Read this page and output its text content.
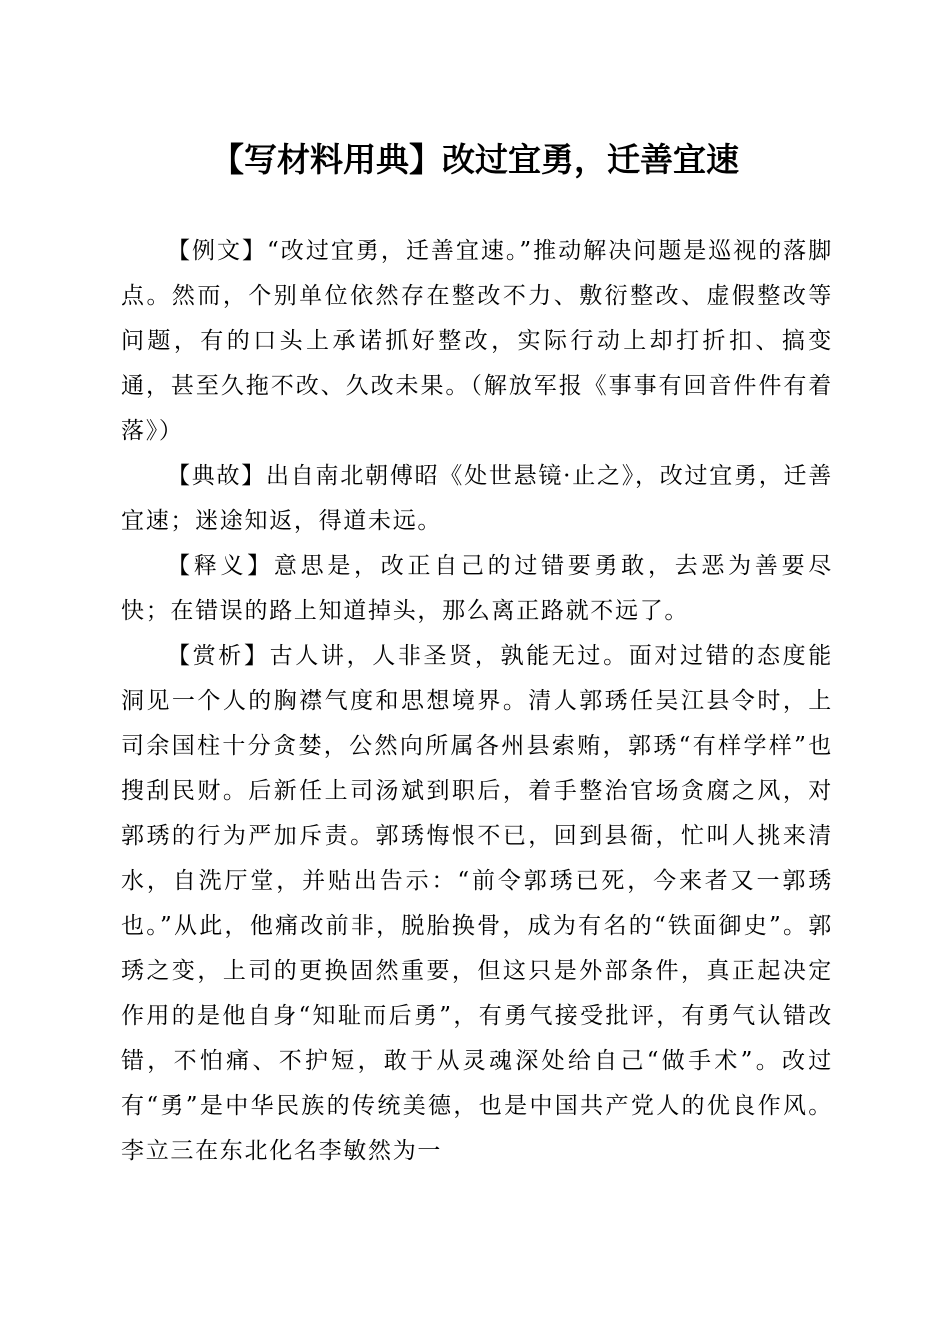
【写材料用典】改过宜勇，迁善宜速

【例文】“改过宜勇，迁善宜速。”推动解决问题是巡视的落脚点。然而，个别单位依然存在整改不力、敷衍整改、虚假整改等问题，有的口头上承诺抓好整改，实际行动上却打折扣、搞变通，甚至久拖不改、久改未果。（解放军报《事事有回音件件有着落》）

【典故】出自南北朝傅昭《处世悬镜·止之》，改过宜勇，迁善宜速；迷途知返，得道未远。

【释义】意思是，改正自己的过错要勇敢，去恶为善要尽快；在错误的路上知道掉头，那么离正路就不远了。

【赏析】古人讲，人非圣贤，孰能无过。面对过错的态度能洞见一个人的胸襟气度和思想境界。清人郭琇任吴江县令时，上司余国柱十分贪婪，公然向所属各州县索贿，郭琇“有样学样”也搜刮民财。后新任上司汤斌到职后，着手整治官场贪腐之风，对郭琇的行为严加斥责。郭琇悔恨不已，回到县衙，忙叫人挑来清水，自洗厅堂，并贴出告示：“前令郭琇已死，今来者又一郭琇也。”从此，他痛改前非，脱胎换骨，成为有名的“铁面御史”。郭琇之变，上司的更换固然重要，但这只是外部条件，真正起决定作用的是他自身“知耻而后勇”，有勇气接受批评，有勇气认错改错，不怕痛、不护短，敢于从灵魂深处给自己“做手术”。改过有“勇”是中华民族的传统美德，也是中国共产党人的优良作风。李立三在东北化名李敏然为一
